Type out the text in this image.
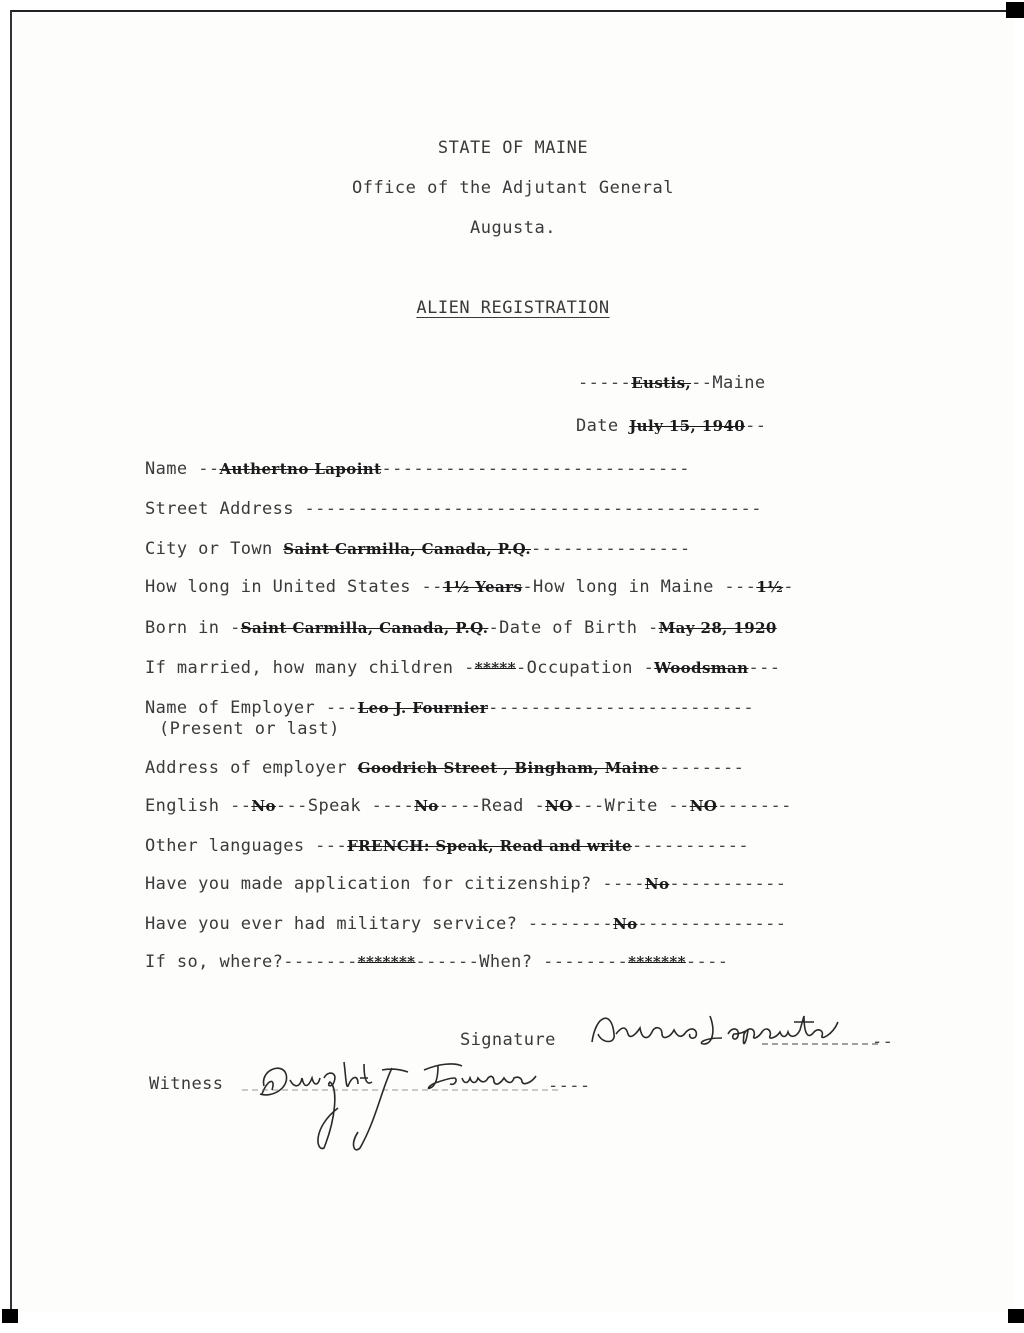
STATE OF MAINE
Office of the Adjutant General
Augusta.
ALIEN REGISTRATION
-----Eustis,--Maine
Date July 15, 1940--
Name --Authertno Lapoint-----------------------------
Street Address -------------------------------------------
City or Town Saint Carmilla, Canada, P.Q.---------------
How long in United States --1½ Years-How long in Maine ---1½-
Born in -Saint Carmilla, Canada, P.Q.-Date of Birth -May 28, 1920
If married, how many children -*****-Occupation -Woodsman---
Name of Employer ---Leo J. Fournier-------------------------
(Present or last)
Address of employer Goodrich Street , Bingham, Maine--------
English --No---Speak ----No----Read -NO---Write --NO-------
Other languages ---FRENCH: Speak, Read and write-----------
Have you made application for citizenship? ----No-----------
Have you ever had military service? --------No--------------
If so, where?-------*******------When? --------*******----
Signature	--
Witness	----
